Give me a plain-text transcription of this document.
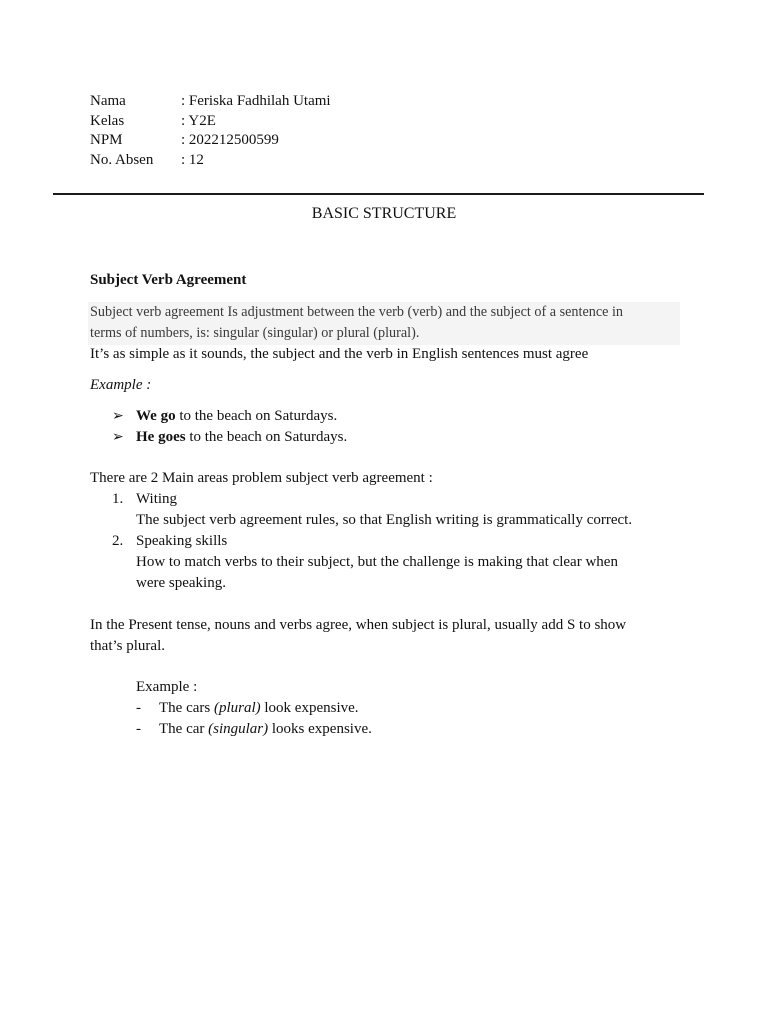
Nama	: Feriska Fadhilah Utami
Kelas	: Y2E
NPM	: 202212500599
No. Absen : 12
BASIC STRUCTURE
Subject Verb Agreement
Subject verb agreement Is adjustment between the verb (verb) and the subject of a sentence in
terms of numbers, is: singular (singular) or plural (plural).
It’s as simple as it sounds, the subject and the verb in English sentences must agree
Example :
➢ We go to the beach on Saturdays.
➢ He goes to the beach on Saturdays.
There are 2 Main areas problem subject verb agreement :
1. Witing
The subject verb agreement rules, so that English writing is grammatically correct.
2. Speaking skills
How to match verbs to their subject, but the challenge is making that clear when
were speaking.
In the Present tense, nouns and verbs agree, when subject is plural, usually add S to show
that’s plural.
Example :
- The cars (plural) look expensive.
- The car (singular) looks expensive.
